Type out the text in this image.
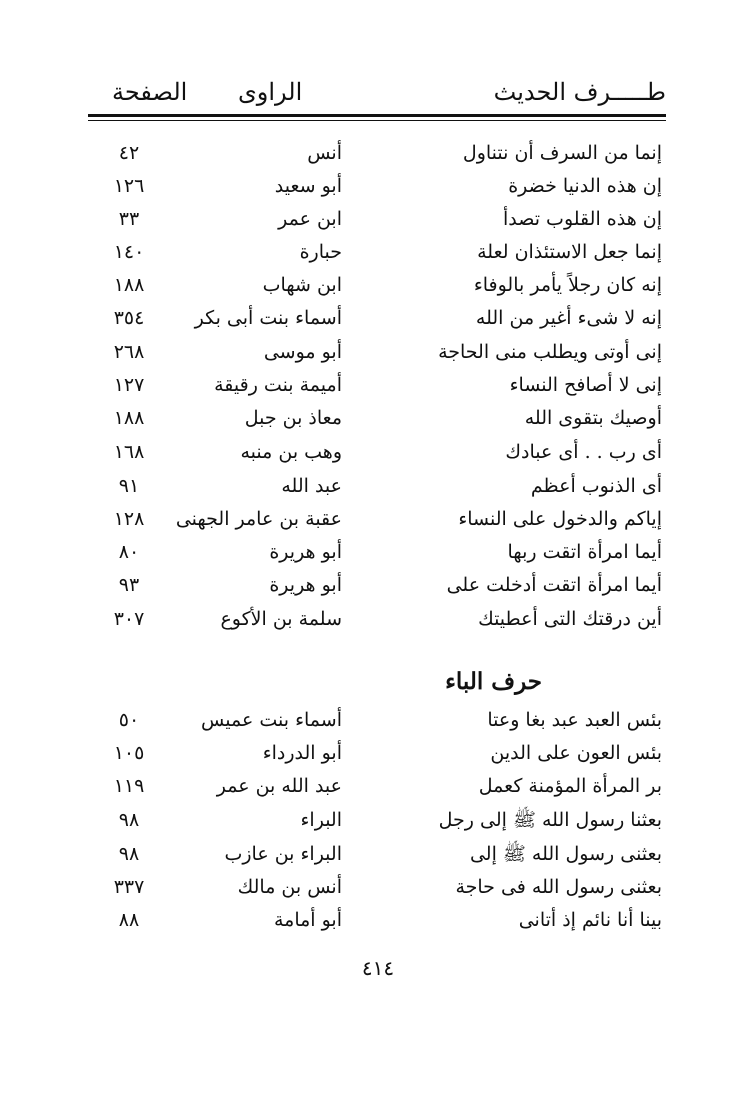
طـــــرف الحديث
الراوى
الصفحة
إنما من السرف أن نتناول
أنس
٤٢
إن هذه الدنيا خضرة
أبو سعيد
١٢٦
إن هذه القلوب تصدأ
ابن عمر
٣٣
إنما جعل الاستئذان لعلة
حبارة
١٤٠
إنه كان رجلاً يأمر بالوفاء
ابن شهاب
١٨٨
إنه لا شىء أغير من الله
أسماء بنت أبى بكر
٣٥٤
إنى أوتى ويطلب منى الحاجة
أبو موسى
٢٦٨
إنى لا أصافح النساء
أميمة بنت رقيقة
١٢٧
أوصيك بتقوى الله
معاذ بن جبل
١٨٨
أى رب . . أى عبادك
وهب بن منبه
١٦٨
أى الذنوب أعظم
عبد الله
٩١
إياكم والدخول على النساء
عقبة بن عامر الجهنى
١٢٨
أيما امرأة اتقت ربها
أبو هريرة
٨٠
أيما امرأة اتقت أدخلت على
أبو هريرة
٩٣
أين درقتك التى أعطيتك
سلمة بن الأكوع
٣٠٧
حرف الباء
بئس العبد عبد بغا وعتا
أسماء بنت عميس
٥٠
بئس العون على الدين
أبو الدرداء
١٠٥
بر المرأة المؤمنة كعمل
عبد الله بن عمر
١١٩
بعثنا رسول الله ﷺ إلى رجل
البراء
٩٨
بعثنى رسول الله ﷺ إلى
البراء بن عازب
٩٨
بعثنى رسول الله فى حاجة
أنس بن مالك
٣٣٧
بينا أنا نائم إذ أتانى
أبو أمامة
٨٨
٤١٤
